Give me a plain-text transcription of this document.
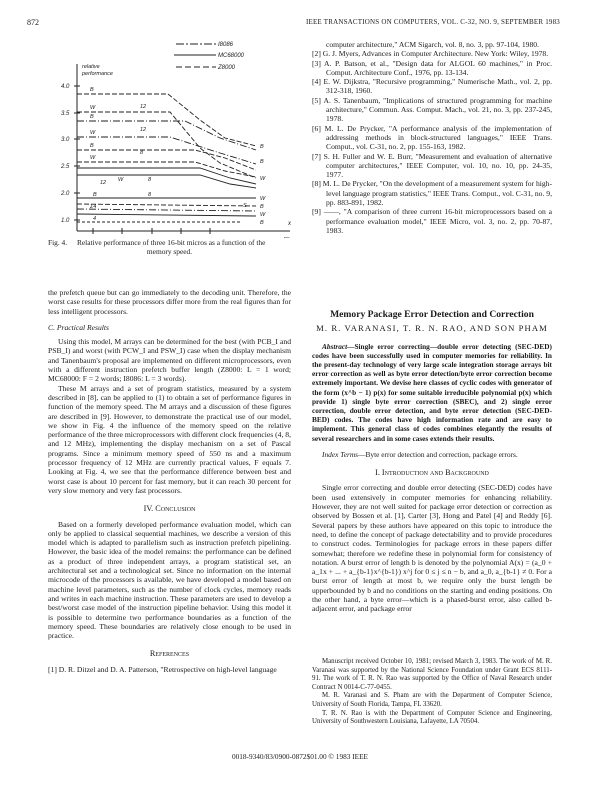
872	IEEE TRANSACTIONS ON COMPUTERS, VOL. C-32, NO. 9, SEPTEMBER 1983
I8086
MC68000
Z8000
relative
performance
x
4.0
3.5
3.0
2.5
2.0
1.0
B
W
B
W
B
W
12
12
8
12 W	8
B	8
Σ4
4
S
B
B
W
W
B
W
B
Fig. 4. Relative performance of three 16-bit micros as a function of the
memory speed.

the prefetch queue but can go immediately to the decoding unit. Therefore, the worst case results for these processors differ more from the real figures than for less intelligent processors.

C. Practical Results

Using this model, M arrays can be determined for the best (with PCB_I and PSB_I) and worst (with PCW_I and PSW_I) case when the display mechanism and Tanenbaum's proposal are implemented on different microprocessors, even with a different instruction prefetch buffer length (Z8000: L = 1 word; MC68000: F = 2 words; I8086: L = 3 words).

These M arrays and a set of program statistics, measured by a system described in [8], can be applied to (1) to obtain a set of performance figures in function of the memory speed. The M arrays and a discussion of these figures are described in [9]. However, to demonstrate the practical use of our model, we show in Fig. 4 the influence of the memory speed on the relative performance of the three microprocessors with different clock frequencies (4, 8, and 12 MHz), implementing the display mechanism on a set of Pascal programs. Since a minimum memory speed of 550 ns and a maximum processor frequency of 12 MHz are currently practical values, F equals 7. Looking at Fig. 4, we see that the performance difference between best and worst case is about 10 percent for fast memory, but it can reach 30 percent for very slow memory and very fast processors.

IV. Conclusion

Based on a formerly developed performance evaluation model, which can only be applied to classical sequential machines, we describe a version of this model which is adapted to parallelism such as instruction prefetch pipelining. However, the basic idea of the model remains: the performance can be defined as a product of three independent arrays, a program statistical set, an architectural set and a technological set. Since no information on the internal microcode of the processors is available, we have developed a model based on machine level parameters, such as the number of clock cycles, memory reads and writes in each machine instruction. These parameters are used to develop a best/worst case model of the instruction pipeline behavior. Using this model it is possible to determine two performance boundaries as a function of the memory speed. These boundaries are relatively close enough to be used in practice.

References

[1] D. R. Ditzel and D. A. Patterson, "Retrospective on high-level language

computer architecture," ACM Sigarch, vol. 8, no. 3, pp. 97-104, 1980.

[2] G. J. Myers, Advances in Computer Architecture. New York: Wiley, 1978.

[3] A. P. Batson, et al., "Design data for ALGOL 60 machines," in Proc. Comput. Architecture Conf., 1976, pp. 13-134.

[4] E. W. Dijkstra, "Recursive programming," Numerische Math., vol. 2, pp. 312-318, 1960.

[5] A. S. Tanenbaum, "Implications of structured programming for machine architecture," Commun. Ass. Comput. Mach., vol. 21, no. 3, pp. 237-245, 1978.

[6] M. L. De Prycker, "A performance analysis of the implementation of addressing methods in block-structured languages," IEEE Trans. Comput., vol. C-31, no. 2, pp. 155-163, 1982.

[7] S. H. Fuller and W. E. Burr, "Measurement and evaluation of alternative computer architectures," IEEE Computer, vol. 10, no. 10, pp. 24-35, 1977.

[8] M. L. De Prycker, "On the development of a measurement system for high-level language program statistics," IEEE Trans. Comput., vol. C-31, no. 9, pp. 883-891, 1982.

[9] ——, "A comparison of three current 16-bit microprocessors based on a performance evaluation model," IEEE Micro, vol. 3, no. 2, pp. 70-87, 1983.

Memory Package Error Detection and Correction
M. R. VARANASI, T. R. N. RAO, AND SON PHAM

Abstract—Single error correcting—double error detecting (SEC-DED) codes have been successfully used in computer memories for reliability. In the present-day technology of very large scale integration storage arrays bit error correction as well as byte error detection/byte error correction become extremely important. We devise here classes of cyclic codes with generator of the form (x^b − 1) p(x) for some suitable irreducible polynomial p(x) which provide 1) single byte error correction (SBEC), and 2) single error correction, double error detection, and byte error detection (SEC-DED-BED) codes. The codes have high information rate and are easy to implement. This general class of codes combines elegantly the results of several researchers and in some cases extends their results.

Index Terms—Byte error detection and correction, package errors.

I. Introduction and Background

Single error correcting and double error detecting (SEC-DED) codes have been used extensively in computer memories for enhancing reliability. However, they are not well suited for package error detection or correction as observed by Bossen et al. [1], Carter [3], Hong and Patel [4] and Reddy [6]. Several papers by these authors have appeared on this topic to introduce the need, to define the concept of package detectability and to provide procedures to construct codes. Terminologies for package errors in these papers differ somewhat; therefore we redefine these in polynomial form for consistency of notation. A burst error of length b is denoted by the polynomial A(x) = (a_0 + a_1x + ... + a_{b-1}x^{b-1}) x^j for 0 ≤ j ≤ n − b, and a_0, a_{b-1} ≠ 0. For a burst error of length at most b, we require only the burst length be upperbounded by b and no conditions on the starting and ending positions. On the other hand, a byte error—which is a phased-burst error, also called b-adjacent error, and package error

Manuscript received October 10, 1981; revised March 3, 1983. The work of M. R. Varanasi was supported by the National Science Foundation under Grant ECS 8111-91. The work of T. R. N. Rao was supported by the Office of Naval Research under Contract N 0014-C-77-0455.

M. R. Varanasi and S. Pham are with the Department of Computer Science, University of South Florida, Tampa, FL 33620.

T. R. N. Rao is with the Department of Computer Science and Engineering, University of Southwestern Louisiana, Lafayette, LA 70504.

0018-9340/83/0900-0872$01.00 © 1983 IEEE
